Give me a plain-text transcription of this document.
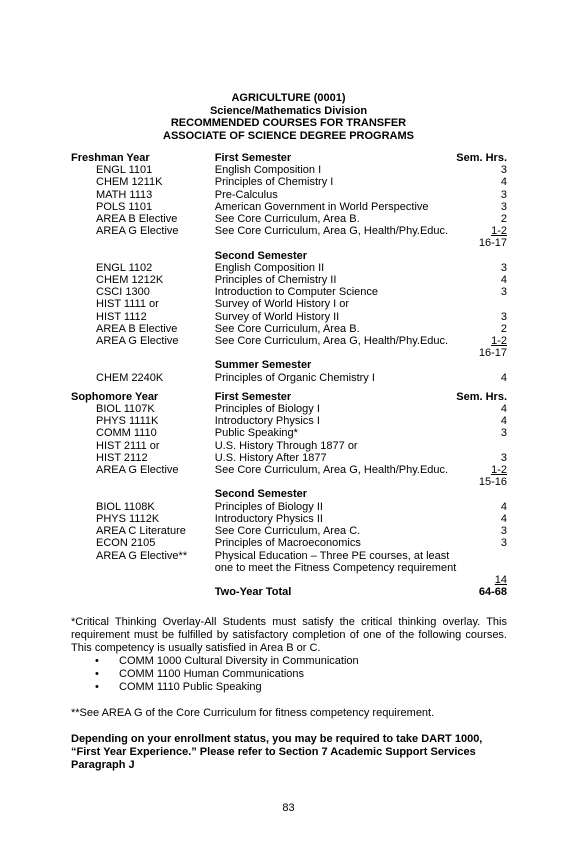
AGRICULTURE (0001)
Science/Mathematics Division
RECOMMENDED COURSES FOR TRANSFER
ASSOCIATE OF SCIENCE DEGREE PROGRAMS
Freshman Year	First Semester	Sem. Hrs.
ENGL 1101	English Composition I	3
CHEM 1211K	Principles of Chemistry I	4
MATH 1113	Pre-Calculus	3
POLS 1101	American Government in World Perspective	3
AREA B Elective	See Core Curriculum, Area B.	2
AREA G Elective	See Core Curriculum, Area G, Health/Phy.Educ.	1-2
		16-17
	Second Semester	
ENGL 1102	English Composition II	3
CHEM 1212K	Principles of Chemistry II	4
CSCI 1300	Introduction to Computer Science	3
HIST 1111 or	Survey of World History I or	
HIST 1112	Survey of World History II	3
AREA B Elective	See Core Curriculum, Area B.	2
AREA G Elective	See Core Curriculum, Area G, Health/Phy.Educ.	1-2
		16-17
	Summer Semester	
CHEM 2240K	Principles of Organic Chemistry I	4

Sophomore Year	First Semester	Sem. Hrs.
BIOL 1107K	Principles of Biology I	4
PHYS 1111K	Introductory Physics I	4
COMM 1110	Public Speaking*	3
HIST 2111 or	U.S. History Through 1877 or	
HIST 2112	U.S. History After 1877	3
AREA G Elective	See Core Curriculum, Area G, Health/Phy.Educ.	1-2
		15-16
	Second Semester	
BIOL 1108K	Principles of Biology II	4
PHYS 1112K	Introductory Physics II	4
AREA C Literature	See Core Curriculum, Area C.	3
ECON 2105	Principles of Macroeconomics	3
AREA G Elective**	Physical Education – Three PE courses, at least	
	one to meet the Fitness Competency requirement	
		14
	Two-Year Total	64-68

*Critical Thinking Overlay-All Students must satisfy the critical thinking overlay. This requirement must be fulfilled by satisfactory completion of one of the following courses. This competency is usually satisfied in Area B or C.

• COMM 1000 Cultural Diversity in Communication
• COMM 1100 Human Communications
• COMM 1110 Public Speaking

**See AREA G of the Core Curriculum for fitness competency requirement.

Depending on your enrollment status, you may be required to take DART 1000, “First Year Experience.” Please refer to Section 7 Academic Support Services Paragraph J

83
